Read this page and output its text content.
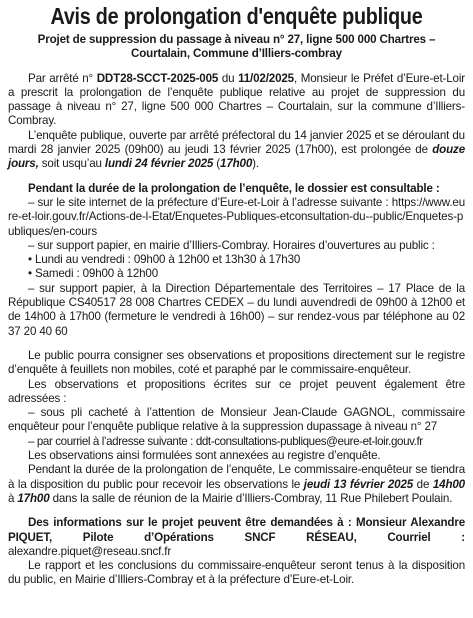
Avis de prolongation d'enquête publique

Projet de suppression du passage à niveau n° 27, ligne 500 000 Chartres – Courtalain, Commune d’Illiers-combray

Par arrêté n° DDT28-SCCT-2025-005 du 11/02/2025, Monsieur le Préfet d’Eure-et-Loir a prescrit la prolongation de l’enquête publique relative au projet de suppression du passage à niveau n° 27, ligne 500 000 Chartres – Courtalain, sur la commune d’Illiers-Combray.

L’enquête publique, ouverte par arrêté préfectoral du 14 janvier 2025 et se déroulant du mardi 28 janvier 2025 (09h00) au jeudi 13 février 2025 (17h00), est prolongée de douze jours, soit usqu’au lundi 24 février 2025 (17h00).

Pendant la durée de la prolongation de l’enquête, le dossier est consultable :

– sur le site internet de la préfecture d’Eure-et-Loir à l’adresse suivante : https://www.eure-et-loir.gouv.fr/Actions-de-l-Etat/Enquetes-Publiques-etconsultation-du--public/Enquetes-publiques/en-cours

– sur support papier, en mairie d’Illiers-Combray. Horaires d’ouvertures au public :

• Lundi au vendredi : 09h00 à 12h00 et 13h30 à 17h30

• Samedi : 09h00 à 12h00

– sur support papier, à la Direction Départementale des Territoires – 17 Place de la République CS40517 28 008 Chartres CEDEX – du lundi auvendredi de 09h00 à 12h00 et de 14h00 à 17h00 (fermeture le vendredi à 16h00) – sur rendez-vous par téléphone au 02 37 20 40 60

Le public pourra consigner ses observations et propositions directement sur le registre d’enquête à feuillets non mobiles, coté et paraphé par le commissaire-enquêteur.

Les observations et propositions écrites sur ce projet peuvent également être adressées :

– sous pli cacheté à l’attention de Monsieur Jean-Claude GAGNOL, commissaire enquêteur pour l’enquête publique relative à la suppression dupassage à niveau n° 27

– par courriel à l’adresse suivante : ddt-consultations-publiques@eure-et-loir.gouv.fr

Les observations ainsi formulées sont annexées au registre d’enquête.

Pendant la durée de la prolongation de l’enquête, Le commissaire-enquêteur se tiendra à la disposition du public pour recevoir les observations le jeudi 13 février 2025 de 14h00 à 17h00 dans la salle de réunion de la Mairie d’Illiers-Combray, 11 Rue Philebert Poulain.

Des informations sur le projet peuvent être demandées à : Monsieur Alexandre PIQUET, Pilote d’Opérations SNCF RÉSEAU, Courriel : alexandre.piquet@reseau.sncf.fr

Le rapport et les conclusions du commissaire-enquêteur seront tenus à la disposition du public, en Mairie d’Illiers-Combray et à la préfecture d’Eure-et-Loir.
